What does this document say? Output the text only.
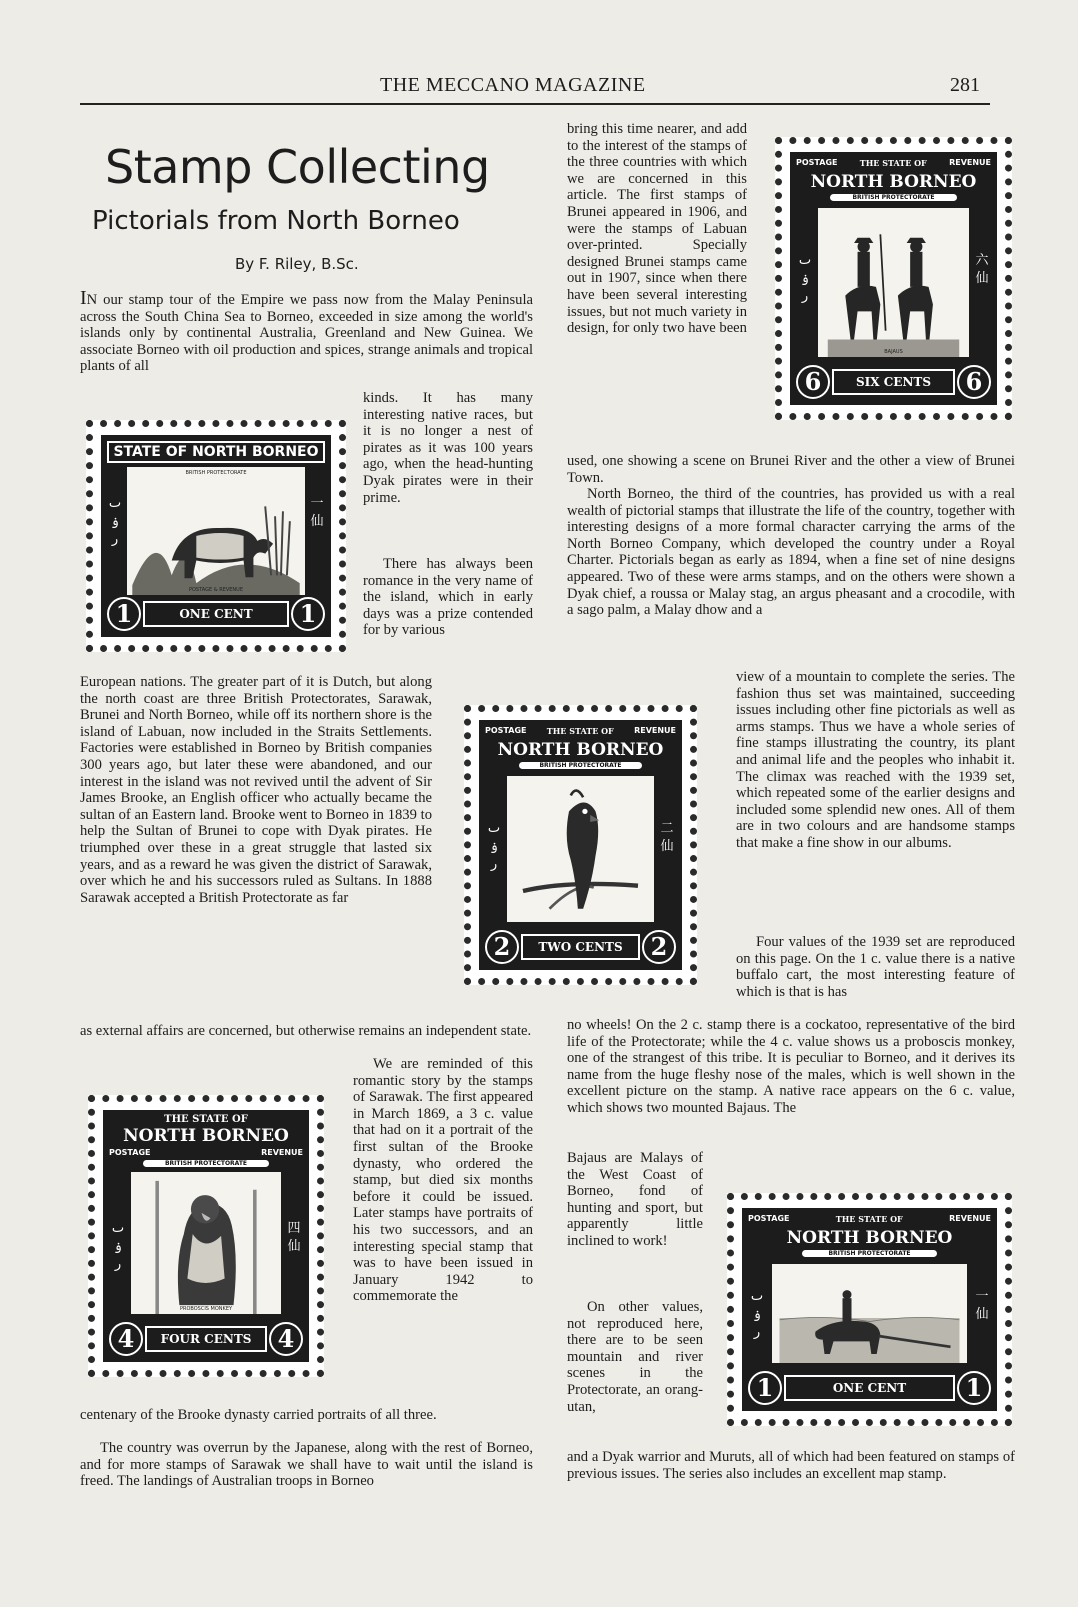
THE MECCANO MAGAZINE	281
Stamp Collecting
Pictorials from North Borneo
By F. Riley, B.Sc.

IN our stamp tour of the Empire we pass now from the Malay Peninsula across the South China Sea to Borneo, exceeded in size among the world's islands only by continental Australia, Greenland and New Guinea. We associate Borneo with oil production and spices, strange animals and tropical plants of all

kinds. It has many interesting native races, but it is no longer a nest of pirates as it was 100 years ago, when the head-hunting Dyak pirates were in their prime.

There has always been romance in the very name of the island, which in early days was a prize contended for by various

European nations. The greater part of it is Dutch, but along the north coast are three British Protectorates, Sarawak, Brunei and North Borneo, while off its northern shore is the island of Labuan, now included in the Straits Settlements. Factories were established in Borneo by British companies 300 years ago, but later these were abandoned, and our interest in the island was not revived until the advent of Sir James Brooke, an English officer who actually became the sultan of an Eastern land. Brooke went to Borneo in 1839 to help the Sultan of Brunei to cope with Dyak pirates. He triumphed over these in a great struggle that lasted six years, and as a reward he was given the district of Sarawak, over which he and his successors ruled as Sultans. In 1888 Sarawak accepted a British Protectorate as far

as external affairs are concerned, but otherwise remains an independent state.

We are reminded of this romantic story by the stamps of Sarawak. The first appeared in March 1869, a 3 c. value that had on it a portrait of the first sultan of the Brooke dynasty, who ordered the stamp, but died six months before it could be issued. Later stamps have portraits of his two successors, and an interesting special stamp that was to have been issued in January 1942 to commemorate the

centenary of the Brooke dynasty carried portraits of all three.

The country was overrun by the Japanese, along with the rest of Borneo, and for more stamps of Sarawak we shall have to wait until the island is freed. The landings of Australian troops in Borneo

bring this time nearer, and add to the interest of the stamps of the three countries with which we are concerned in this article. The first stamps of Brunei appeared in 1906, and were the stamps of Labuan over-printed. Specially designed Brunei stamps came out in 1907, since when there have been several interesting issues, but not much variety in design, for only two have been

used, one showing a scene on Brunei River and the other a view of Brunei Town.

North Borneo, the third of the countries, has provided us with a real wealth of pictorial stamps that illustrate the life of the country, together with interesting designs of a more formal character carrying the arms of the North Borneo Company, which developed the country under a Royal Charter. Pictorials began as early as 1894, when a fine set of nine designs appeared. Two of these were arms stamps, and on the others were shown a Dyak chief, a roussa or Malay stag, an argus pheasant and a crocodile, with a sago palm, a Malay dhow and a

view of a mountain to complete the series. The fashion thus set was maintained, succeeding issues including other fine pictorials as well as arms stamps. Thus we have a whole series of fine stamps illustrating the country, its plant and animal life and the peoples who inhabit it. The climax was reached with the 1939 set, which repeated some of the earlier designs and included some splendid new ones. All of them are in two colours and are handsome stamps that make a fine show in our albums.

Four values of the 1939 set are reproduced on this page. On the 1 c. value there is a native buffalo cart, the most interesting feature of which is that is has

no wheels! On the 2 c. stamp there is a cockatoo, representative of the bird life of the Protectorate; while the 4 c. value shows us a proboscis monkey, one of the strangest of this tribe. It is peculiar to Borneo, and it derives its name from the huge fleshy nose of the males, which is well shown in the excellent picture on the stamp. A native race appears on the 6 c. value, which shows two mounted Bajaus. The

Bajaus are Malays of the West Coast of Borneo, fond of hunting and sport, but apparently little inclined to work!

On other values, not reproduced here, there are to be seen mountain and river scenes in the Protectorate, an orang-utan,

and a Dyak warrior and Muruts, all of which had been featured on stamps of previous issues. The series also includes an excellent map stamp.

STATE OF NORTH BORNEO
BRITISH PROTECTORATE
POSTAGE & REVENUE
ٮ
ۏ
ر
一
仙
1	1
ONE CENT
POSTAGE	THE STATE OF	REVENUE
NORTH BORNEO
BRITISH PROTECTORATE
BAJAUS
ٮ
ۏ
ر
六
仙
6	6
SIX CENTS
POSTAGE	THE STATE OF	REVENUE
NORTH BORNEO
BRITISH PROTECTORATE
ٮ
ۏ
ر
二
仙
2	2
TWO CENTS
THE STATE OF
NORTH BORNEO
POSTAGE	REVENUE
BRITISH PROTECTORATE
PROBOSCIS MONKEY
ٮ
ۏ
ر
四
仙
4	4
FOUR CENTS
POSTAGE	THE STATE OF	REVENUE
NORTH BORNEO
BRITISH PROTECTORATE
ٮ
ۏ
ر
一
仙
1	1
ONE CENT
